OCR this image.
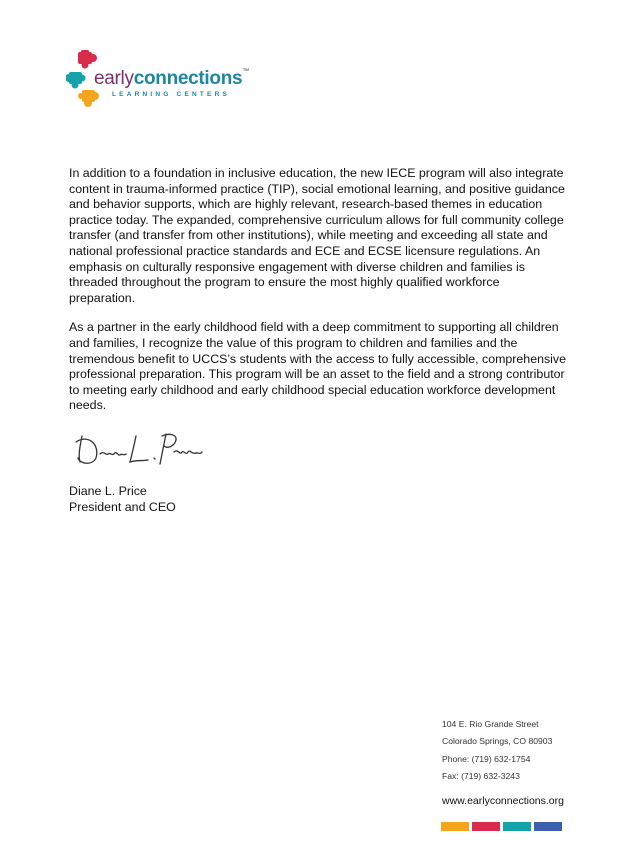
earlyconnections™
LEARNING CENTERS

In addition to a foundation in inclusive education, the new IECE program will also integrate content in trauma-informed practice (TIP), social emotional learning, and positive guidance and behavior supports, which are highly relevant, research-based themes in education practice today. The expanded, comprehensive curriculum allows for full community college transfer (and transfer from other institutions), while meeting and exceeding all state and national professional practice standards and ECE and ECSE licensure regulations. An emphasis on culturally responsive engagement with diverse children and families is threaded throughout the program to ensure the most highly qualified workforce preparation.

As a partner in the early childhood field with a deep commitment to supporting all children and families, I recognize the value of this program to children and families and the tremendous benefit to UCCS’s students with the access to fully accessible, comprehensive professional preparation. This program will be an asset to the field and a strong contributor to meeting early childhood and early childhood special education workforce development needs.

Diane L. Price
President and CEO
104 E. Rio Grande Street
Colorado Springs, CO 80903
Phone: (719) 632-1754
Fax: (719) 632-3243
www.earlyconnections.org
